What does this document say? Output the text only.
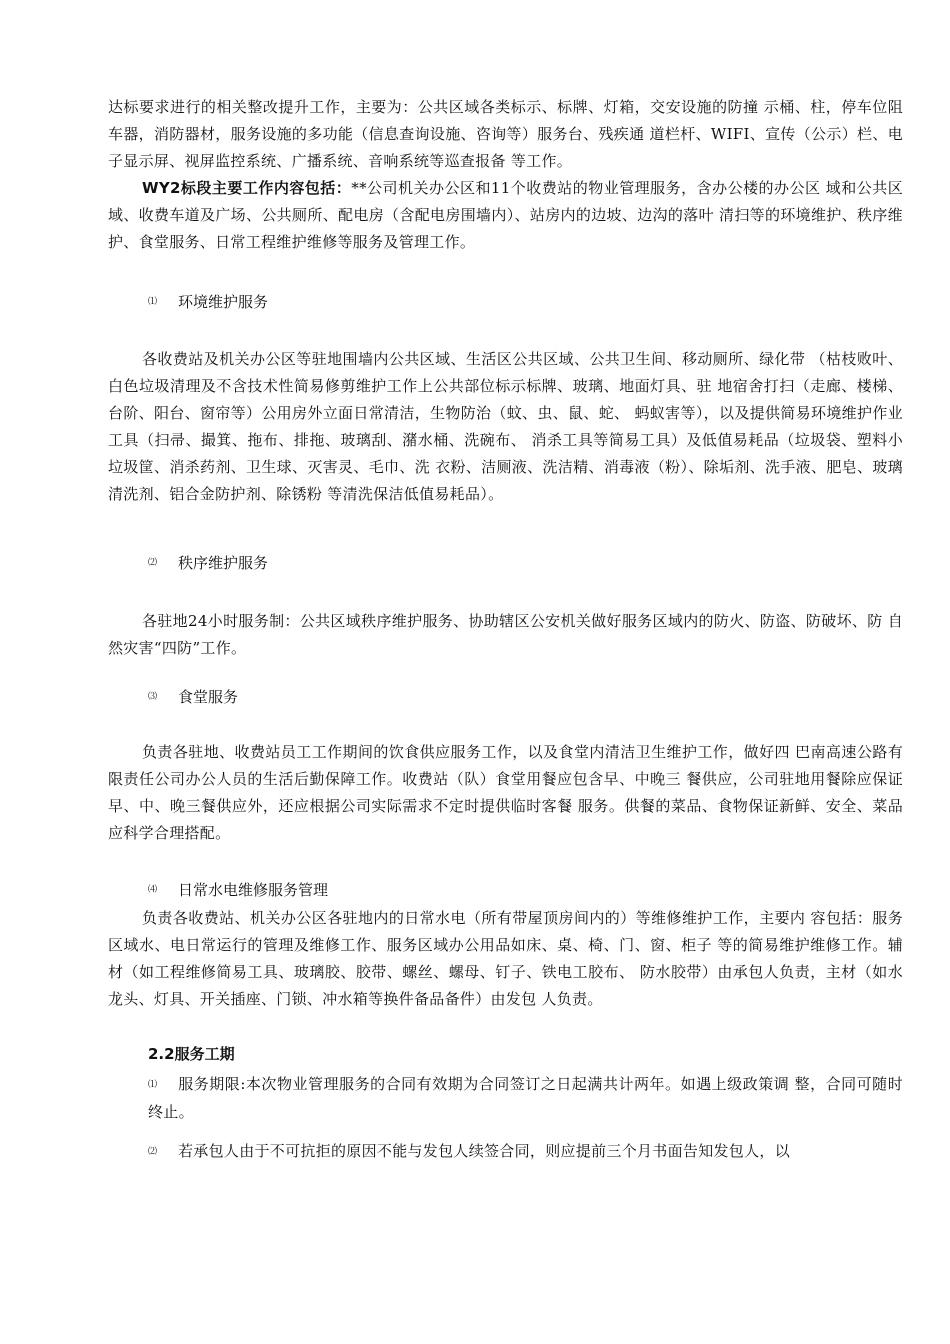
达标要求进行的相关整改提升工作，主要为：公共区域各类标示、标牌、灯箱，交安设施的防撞 示桶、柱，停车位阻车器，消防器材，服务设施的多功能（信息查询设施、咨询等）服务台、残疾通 道栏杆、WIFI、宣传（公示）栏、电子显示屏、视屏监控系统、广播系统、音响系统等巡查报备 等工作。

WY2标段主要工作内容包括：**公司机关办公区和11个收费站的物业管理服务，含办公楼的办公区 域和公共区域、收费车道及广场、公共厕所、配电房（含配电房围墙内）、站房内的边坡、边沟的落叶 清扫等的环境维护、秩序维护、食堂服务、日常工程维护维修等服务及管理工作。

⑴ 环境维护服务

各收费站及机关办公区等驻地围墙内公共区域、生活区公共区域、公共卫生间、移动厕所、绿化带 （枯枝败叶、白色垃圾清理及不含技术性简易修剪维护工作上公共部位标示标牌、玻璃、地面灯具、驻 地宿舍打扫（走廊、楼梯、台阶、阳台、窗帘等）公用房外立面日常清洁，生物防治（蚊、虫、鼠、蛇、 蚂蚁害等），以及提供简易环境维护作业工具（扫帚、撮箕、拖布、排拖、玻璃刮、潴水桶、洗碗布、 消杀工具等简易工具）及低值易耗品（垃圾袋、塑料小垃圾筐、消杀药剂、卫生球、灭害灵、毛巾、洗 衣粉、洁厕液、洗洁精、消毒液（粉）、除垢剂、洗手液、肥皂、玻璃清洗剂、铝合金防护剂、除锈粉 等清洗保洁低值易耗品）。

⑵ 秩序维护服务

各驻地24小时服务制：公共区域秩序维护服务、协助辖区公安机关做好服务区域内的防火、防盗、防破坏、防 自然灾害“四防”工作。

⑶ 食堂服务

负责各驻地、收费站员工工作期间的饮食供应服务工作，以及食堂内清洁卫生维护工作，做好四 巴南高速公路有限责任公司办公人员的生活后勤保障工作。收费站（队）食堂用餐应包含早、中晚三 餐供应，公司驻地用餐除应保证早、中、晚三餐供应外，还应根据公司实际需求不定时提供临时客餐 服务。供餐的菜品、食物保证新鲜、安全、菜品应科学合理搭配。

⑷ 日常水电维修服务管理

负责各收费站、机关办公区各驻地内的日常水电（所有带屋顶房间内的）等维修维护工作，主要内 容包括：服务区域水、电日常运行的管理及维修工作、服务区域办公用品如床、桌、椅、门、窗、柜子 等的简易维护维修工作。辅材（如工程维修简易工具、玻璃胶、胶带、螺丝、螺母、钉子、铁电工胶布、 防水胶带）由承包人负责，主材（如水龙头、灯具、开关插座、门锁、冲水箱等换件备品备件）由发包 人负责。

2.2服务工期
⑴ 服务期限:本次物业管理服务的合同有效期为合同签订之日起满共计两年。如遇上级政策调 整，合同可随时终止。
⑵ 若承包人由于不可抗拒的原因不能与发包人续签合同，则应提前三个月书面告知发包人，以
